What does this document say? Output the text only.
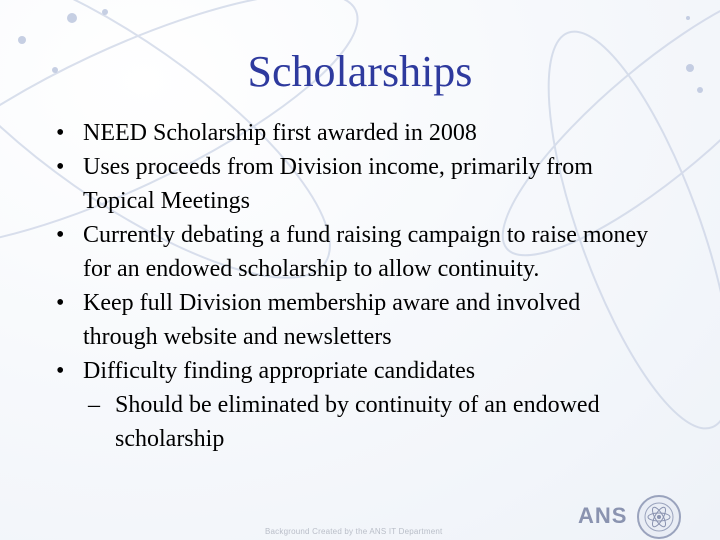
Scholarships

• NEED Scholarship first awarded in 2008

• Uses proceeds from Division income, primarily from Topical Meetings

• Currently debating a fund raising campaign to raise money for an endowed scholarship to allow continuity.

• Keep full Division membership aware and involved through website and newsletters

• Difficulty finding appropriate candidates

– Should be eliminated by continuity of an endowed scholarship

Background Created by the ANS IT Department
ANS
